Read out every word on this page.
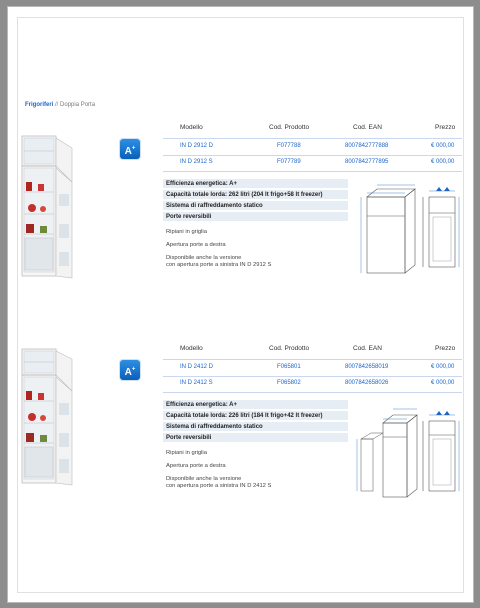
Frigoriferi // Doppia Porta
A+
Modello	Cod. Prodotto	Cod. EAN	Prezzo
IN D 2912 D	F077788	8007842777888	€ 000,00
IN D 2912 S	F077789	8007842777895	€ 000,00
Efficienza energetica: A+
Capacità totale lorda: 262 litri (204 lt frigo+58 lt freezer)
Sistema di raffreddamento statico
Porte reversibili
Ripiani in griglia
Apertura porte a destra
Disponibile anche la versione
con apertura porte a sinistra IN D 2912 S
A+
Modello	Cod. Prodotto	Cod. EAN	Prezzo
IN D 2412 D	F065801	8007842658019	€ 000,00
IN D 2412 S	F065802	8007842658026	€ 000,00
Efficienza energetica: A+
Capacità totale lorda: 226 litri (184 lt frigo+42 lt freezer)
Sistema di raffreddamento statico
Porte reversibili
Ripiani in griglia
Apertura porte a destra
Disponibile anche la versione
con apertura porte a sinistra IN D 2412 S
